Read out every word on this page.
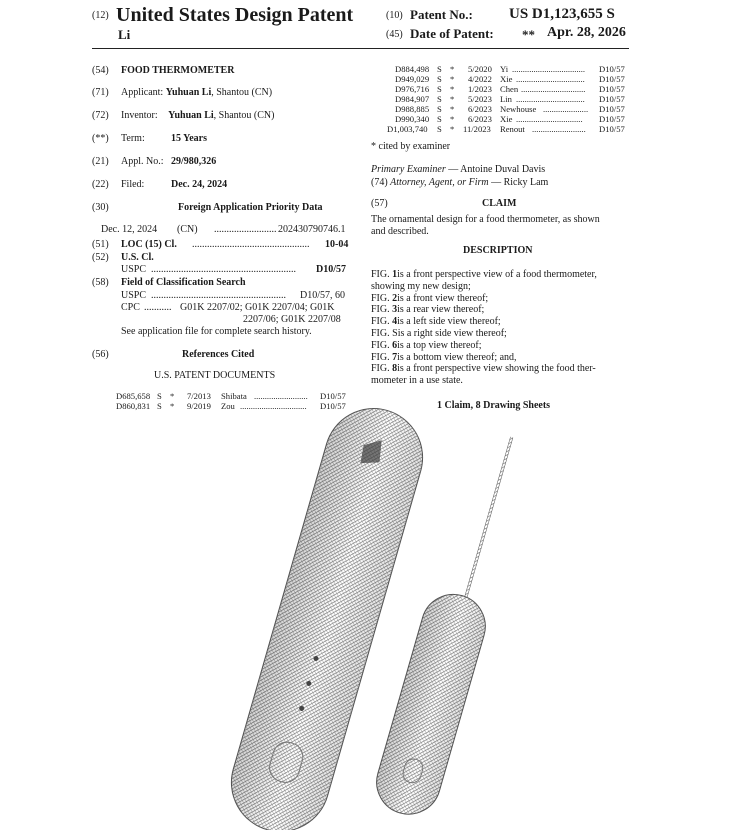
(12) United States Design Patent
Li
(10) Patent No.: US D1,123,655 S
(45) Date of Patent: ** Apr. 28, 2026
(54) FOOD THERMOMETER
(71) Applicant: Yuhuan Li, Shantou (CN)
(72) Inventor: Yuhuan Li, Shantou (CN)
(**) Term:	15 Years
(21) Appl. No.: 29/980,326
(22) Filed:	Dec. 24, 2024
(30)	Foreign Application Priority Data
Dec. 12, 2024 (CN) ......................... 202430790746.1
(51) LOC (15) Cl. ............................................... 10-04
(52) U.S. Cl.
USPC .......................................................... D10/57
(58) Field of Classification Search
USPC ...................................................... D10/57, 60
CPC ........... G01K 2207/02; G01K 2207/04; G01K
2207/06; G01K 2207/08
See application file for complete search history.
(56)	References Cited
U.S. PATENT DOCUMENTS
D685,658 S * 7/2013 Shibata ......................... D10/57
D860,831 S * 9/2019 Zou ............................... D10/57
D884,498 S * 5/2020 Yi .................................. D10/57
D949,029 S * 4/2022 Xie ................................ D10/57
D976,716 S * 1/2023 Chen .............................. D10/57
D984,907 S * 5/2023 Lin ................................ D10/57
D988,885 S * 6/2023 Newhouse ..................... D10/57
D990,340 S * 6/2023 Xie ............................... D10/57
D1,003,740 S * 11/2023 Renout ......................... D10/57
* cited by examiner
Primary Examiner — Antoine Duval Davis
(74) Attorney, Agent, or Firm — Ricky Lam
(57)	CLAIM
The ornamental design for a food thermometer, as shown
and described.
DESCRIPTION
FIG.
1 is a front perspective view of a food thermometer,
showing my new design;
FIG.
2 is a front view thereof;
FIG.
3 is a rear view thereof;
FIG.
4 is a left side view thereof;
FIG. S is a right side view thereof;
FIG.
6 is a top view thereof;
FIG.
7 is a bottom view thereof; and,
FIG.
8 is a front perspective view showing the food ther-
mometer in a use state.
1 Claim, 8 Drawing Sheets
